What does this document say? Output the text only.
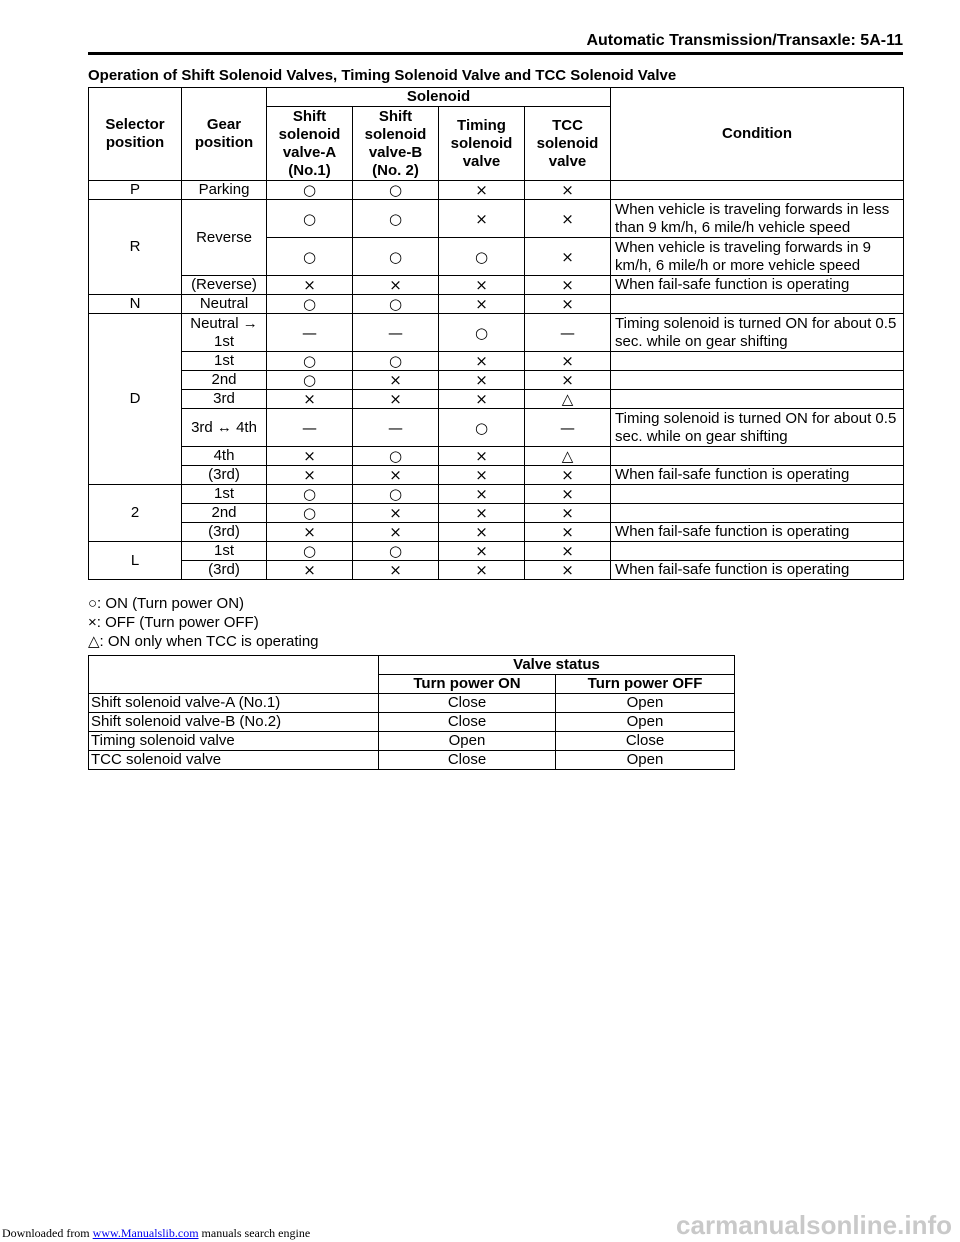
Automatic Transmission/Transaxle: 5A-11
Operation of Shift Solenoid Valves, Timing Solenoid Valve and TCC Solenoid Valve
Selector position	Gear position	Solenoid				Condition
		Shift solenoid valve-A (No.1)	Shift solenoid valve-B (No. 2)	Timing solenoid valve	TCC solenoid valve	
P	Parking	○	○	×	×	
R	Reverse	○	○	×	×	When vehicle is traveling forwards in less than 9 km/h, 6 mile/h vehicle speed
		○	○	○	×	When vehicle is traveling forwards in 9 km/h, 6 mile/h or more vehicle speed
	(Reverse)	×	×	×	×	When fail-safe function is operating
N	Neutral	○	○	×	×	
D	Neutral → 1st	—	—	○	—	Timing solenoid is turned ON for about 0.5 sec. while on gear shifting
	1st	○	○	×	×	
	2nd	○	×	×	×	
	3rd	×	×	×	△	
	3rd ↔ 4th	—	—	○	—	Timing solenoid is turned ON for about 0.5 sec. while on gear shifting
	4th	×	○	×	△	
	(3rd)	×	×	×	×	When fail-safe function is operating
2	1st	○	○	×	×	
	2nd	○	×	×	×	
	(3rd)	×	×	×	×	When fail-safe function is operating
L	1st	○	○	×	×	
	(3rd)	×	×	×	×	When fail-safe function is operating
○: ON (Turn power ON)
×: OFF (Turn power OFF)
△: ON only when TCC is operating
	Valve status	
	Turn power ON	Turn power OFF
Shift solenoid valve-A (No.1)	Close	Open
Shift solenoid valve-B (No.2)	Close	Open
Timing solenoid valve	Open	Close
TCC solenoid valve	Close	Open
Downloaded from www.Manualslib.com manuals search engine	carmanualsonline.info
